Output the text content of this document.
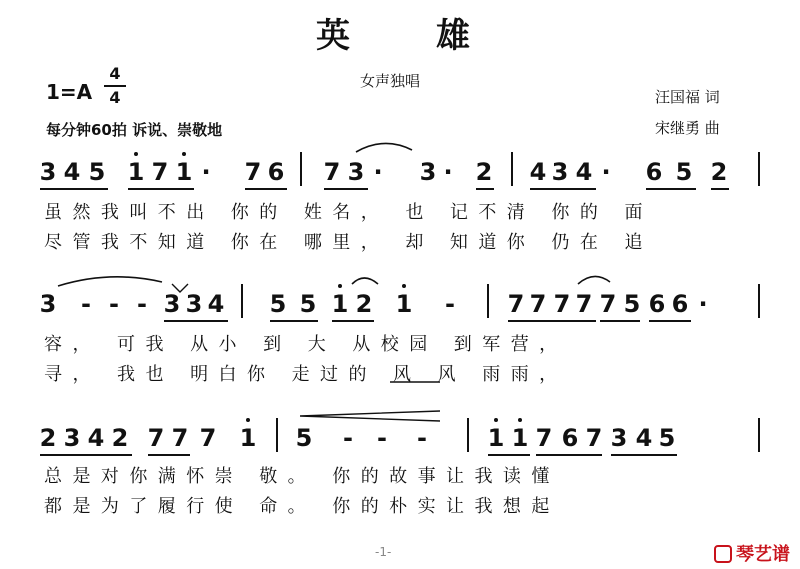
英 雄
1=A
4
4
女声独唱
汪国福 词
每分钟60拍 诉说、崇敬地	宋继勇 曲
3 4 5 1 7 1 · 7 6 7 3 · 3 · 2 4 3 4 · 6 5 2
虽然我叫不出 你的 姓名， 也 记不清 你的 面
尽管我不知道 你在 哪里， 却 知道你 仍在 追
3 - - - 3 3 4 5 5 1 2 1 - 7 7 7 7 7 5 6 6 ·
容， 可我 从小 到 大 从校园 到军营，
寻， 我也 明白你 走过的 风 风 雨雨，
2 3 4 2 7 7 7 1 5 - - -	1 1 7 6 7 3 4 5
总是对你满怀崇 敬。 你的故事让我读懂
都是为了履行使 命。 你的朴实让我想起
-1-	琴艺谱
